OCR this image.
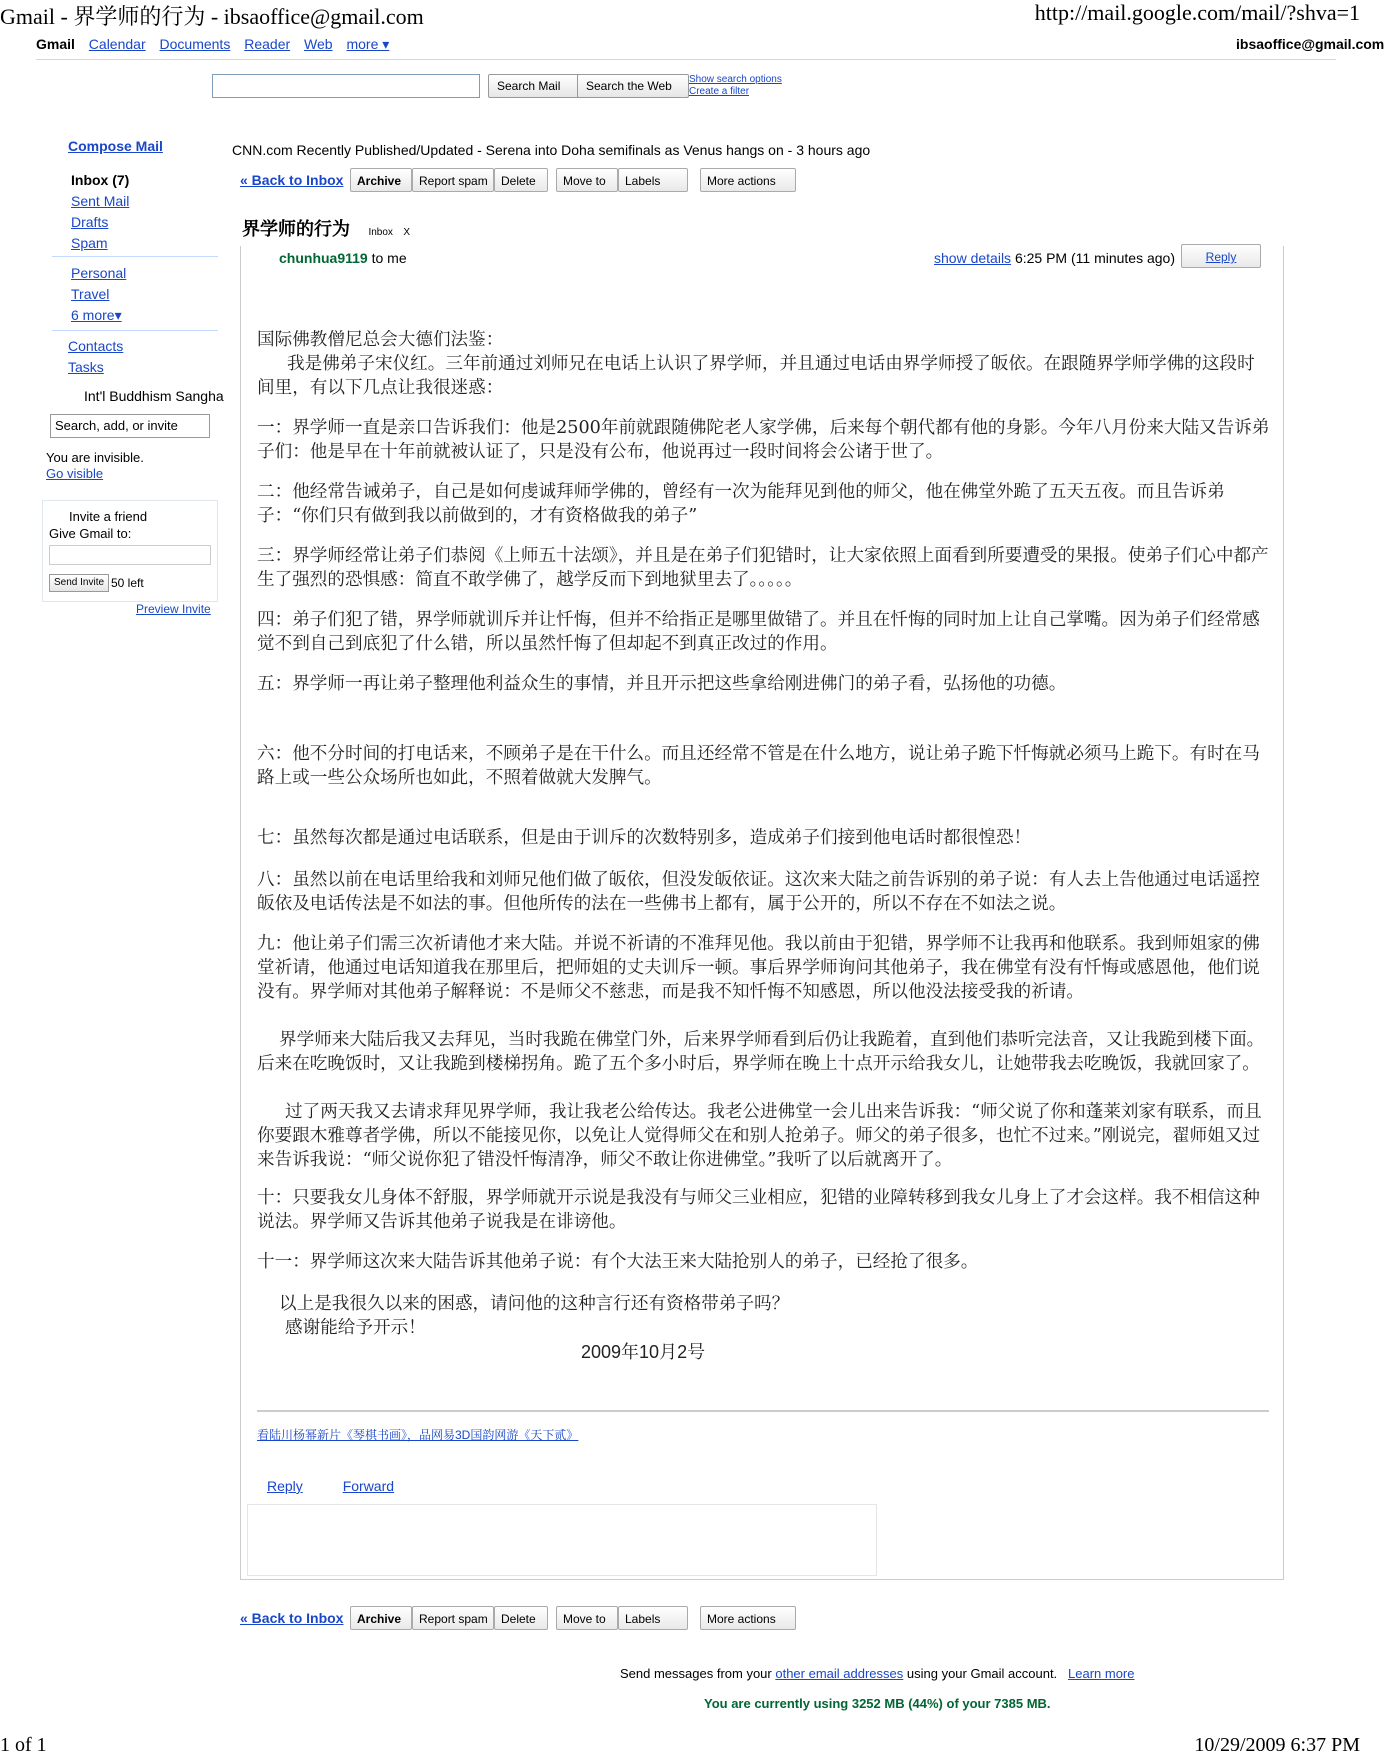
Gmail - 界学师的行为 - ibsaoffice@gmail.com	http://mail.google.com/mail/?shva=1
Gmail Calendar Documents Reader Web more ▾	ibsaoffice@gmail.com
Search Mail	Search the Web	Show search options
Create a filter
Compose Mail
Inbox (7)
Sent Mail
Drafts
Spam
Personal
Travel
6 more▾
Contacts
Tasks
Int'l Buddhism Sangha
Search, add, or invite
You are invisible.
Go visible
Invite a friend
Give Gmail to:
Send Invite 50 left
Preview Invite
CNN.com Recently Published/Updated - Serena into Doha semifinals as Venus hangs on - 3 hours ago
« Back to Inbox	Archive	Report spam	Delete	Move to	Labels	More actions
界学师的行为 Inbox X
chunhua9119 to me	show details 6:25 PM (11 minutes ago)	Reply

国际佛教僧尼总会大德们法鉴：

我是佛弟子宋仪红。三年前通过刘师兄在电话上认识了界学师，并且通过电话由界学师授了皈依。在跟随界学师学佛的这段时间里，有以下几点让我很迷惑：

一：界学师一直是亲口告诉我们：他是2500年前就跟随佛陀老人家学佛，后来每个朝代都有他的身影。今年八月份来大陆又告诉弟子们：他是早在十年前就被认证了，只是没有公布，他说再过一段时间将会公诸于世了。

二：他经常告诫弟子，自己是如何虔诚拜师学佛的，曾经有一次为能拜见到他的师父，他在佛堂外跪了五天五夜。而且告诉弟子：“你们只有做到我以前做到的，才有资格做我的弟子”

三：界学师经常让弟子们恭阅《上师五十法颂》，并且是在弟子们犯错时，让大家依照上面看到所要遭受的果报。使弟子们心中都产生了强烈的恐惧感：简直不敢学佛了，越学反而下到地狱里去了。。。。。

四：弟子们犯了错，界学师就训斥并让忏悔，但并不给指正是哪里做错了。并且在忏悔的同时加上让自己掌嘴。因为弟子们经常感觉不到自己到底犯了什么错，所以虽然忏悔了但却起不到真正改过的作用。

五：界学师一再让弟子整理他利益众生的事情，并且开示把这些拿给刚进佛门的弟子看，弘扬他的功德。

六：他不分时间的打电话来，不顾弟子是在干什么。而且还经常不管是在什么地方，说让弟子跪下忏悔就必须马上跪下。有时在马路上或一些公众场所也如此，不照着做就大发脾气。

七：虽然每次都是通过电话联系，但是由于训斥的次数特别多，造成弟子们接到他电话时都很惶恐！

八：虽然以前在电话里给我和刘师兄他们做了皈依，但没发皈依证。这次来大陆之前告诉别的弟子说：有人去上告他通过电话遥控皈依及电话传法是不如法的事。但他所传的法在一些佛书上都有，属于公开的，所以不存在不如法之说。

九：他让弟子们需三次祈请他才来大陆。并说不祈请的不准拜见他。我以前由于犯错，界学师不让我再和他联系。我到师姐家的佛堂祈请，他通过电话知道我在那里后，把师姐的丈夫训斥一顿。事后界学师询问其他弟子，我在佛堂有没有忏悔或感恩他，他们说没有。界学师对其他弟子解释说：不是师父不慈悲，而是我不知忏悔不知感恩，所以他没法接受我的祈请。

界学师来大陆后我又去拜见，当时我跪在佛堂门外，后来界学师看到后仍让我跪着，直到他们恭听完法音，又让我跪到楼下面。后来在吃晚饭时，又让我跪到楼梯拐角。跪了五个多小时后，界学师在晚上十点开示给我女儿，让她带我去吃晚饭，我就回家了。

过了两天我又去请求拜见界学师，我让我老公给传达。我老公进佛堂一会儿出来告诉我：“师父说了你和蓬莱刘家有联系，而且你要跟木雅尊者学佛，所以不能接见你，以免让人觉得师父在和别人抢弟子。师父的弟子很多，也忙不过来。”刚说完，翟师姐又过来告诉我说：“师父说你犯了错没忏悔清净，师父不敢让你进佛堂。”我听了以后就离开了。

十：只要我女儿身体不舒服，界学师就开示说是我没有与师父三业相应，犯错的业障转移到我女儿身上了才会这样。我不相信这种说法。界学师又告诉其他弟子说我是在诽谤他。

十一：界学师这次来大陆告诉其他弟子说：有个大法王来大陆抢别人的弟子，已经抢了很多。

以上是我很久以来的困惑，请问他的这种言行还有资格带弟子吗？

感谢能给予开示！

2009年10月2号

看陆川杨幂新片《琴棋书画》，品网易3D国韵网游《天下贰》
Reply	Forward
« Back to Inbox	Archive	Report spam	Delete	Move to	Labels	More actions
Send messages from your other email addresses using your Gmail account. Learn more
You are currently using 3252 MB (44%) of your 7385 MB.
1 of 1	10/29/2009 6:37 PM
